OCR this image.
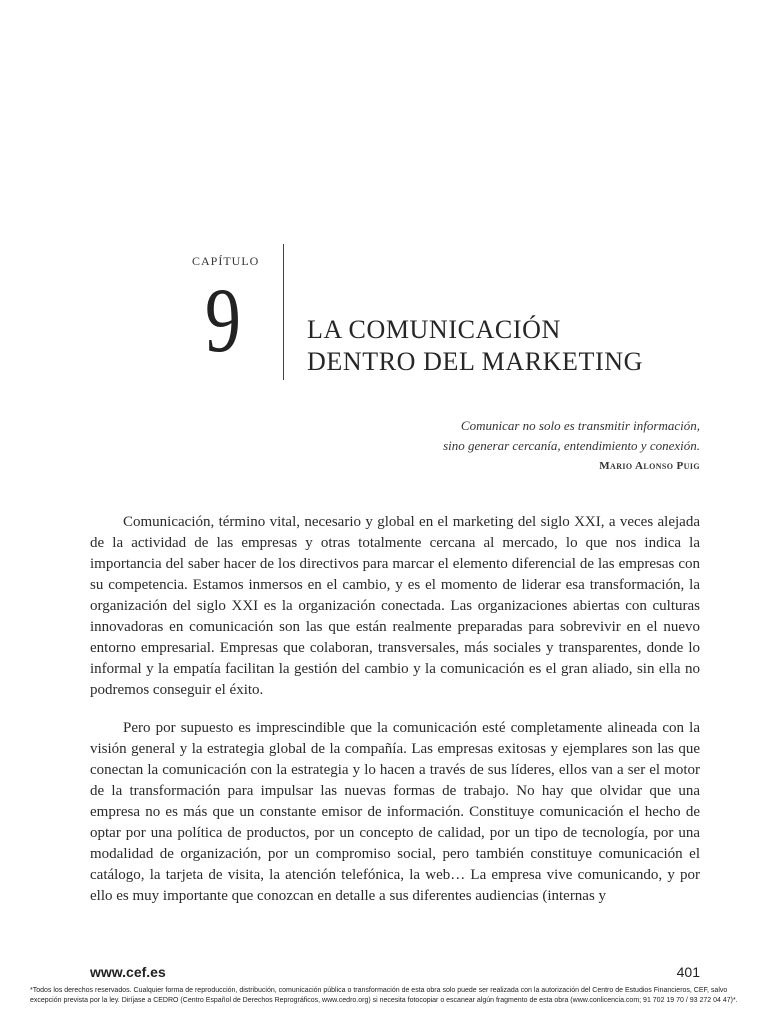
CAPÍTULO
9	LA COMUNICACIÓN
DENTRO DEL MARKETING
Comunicar no solo es transmitir información,
sino generar cercanía, entendimiento y conexión.
Mario Alonso Puig

Comunicación, término vital, necesario y global en el marketing del siglo XXI, a veces alejada de la actividad de las empresas y otras totalmente cercana al mercado, lo que nos indica la importancia del saber hacer de los directivos para marcar el elemento diferencial de las empresas con su competencia. Estamos inmersos en el cambio, y es el momento de liderar esa transformación, la organización del siglo XXI es la organización conectada. Las organizaciones abiertas con culturas innovadoras en comunicación son las que están realmente preparadas para sobrevivir en el nuevo entorno empresarial. Empresas que colaboran, transversales, más sociales y transparentes, donde lo informal y la empatía facilitan la gestión del cambio y la comunicación es el gran aliado, sin ella no podremos conseguir el éxito.

Pero por supuesto es imprescindible que la comunicación esté completamente alineada con la visión general y la estrategia global de la compañía. Las empresas exitosas y ejemplares son las que conectan la comunicación con la estrategia y lo hacen a través de sus líderes, ellos van a ser el motor de la transformación para impulsar las nuevas formas de trabajo. No hay que olvidar que una empresa no es más que un constante emisor de información. Constituye comunicación el hecho de optar por una política de productos, por un concepto de calidad, por un tipo de tecnología, por una modalidad de organización, por un compromiso social, pero también constituye comunicación el catálogo, la tarjeta de visita, la atención telefónica, la web… La empresa vive comunicando, y por ello es muy importante que conozcan en detalle a sus diferentes audiencias (internas y

www.cef.es	401
*Todos los derechos reservados. Cualquier forma de reproducción, distribución, comunicación pública o transformación de esta obra solo puede ser realizada con la autorización del Centro de Estudios Financieros, CEF, salvo excepción prevista por la ley. Diríjase a CEDRO (Centro Español de Derechos Reprográficos, www.cedro.org) si necesita fotocopiar o escanear algún fragmento de esta obra (www.conlicencia.com; 91 702 19 70 / 93 272 04 47)*.
